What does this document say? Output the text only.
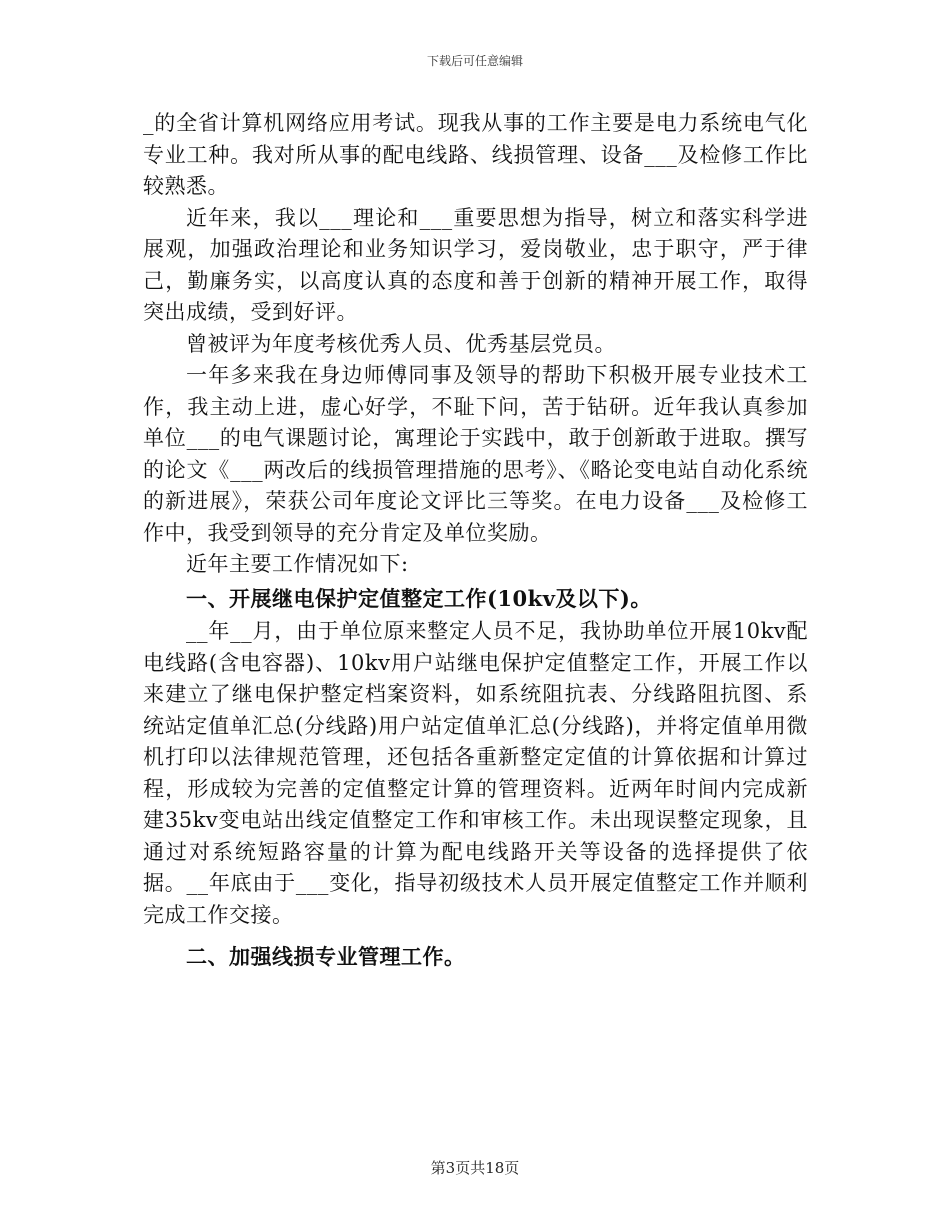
下载后可任意编辑

_的全省计算机网络应用考试。现我从事的工作主要是电力系统电气化专业工种。我对所从事的配电线路、线损管理、设备___及检修工作比较熟悉。

近年来，我以___理论和___重要思想为指导，树立和落实科学进展观，加强政治理论和业务知识学习，爱岗敬业，忠于职守，严于律己，勤廉务实，以高度认真的态度和善于创新的精神开展工作，取得突出成绩，受到好评。

曾被评为年度考核优秀人员、优秀基层党员。

一年多来我在身边师傅同事及领导的帮助下积极开展专业技术工作，我主动上进，虚心好学，不耻下问，苦于钻研。近年我认真参加单位___的电气课题讨论，寓理论于实践中，敢于创新敢于进取。撰写的论文《___两改后的线损管理措施的思考》、《略论变电站自动化系统的新进展》，荣获公司年度论文评比三等奖。在电力设备___及检修工作中，我受到领导的充分肯定及单位奖励。

近年主要工作情况如下:

一、开展继电保护定值整定工作(10kv及以下)。

__年__月，由于单位原来整定人员不足，我协助单位开展10kv配电线路(含电容器)、10kv用户站继电保护定值整定工作，开展工作以来建立了继电保护整定档案资料，如系统阻抗表、分线路阻抗图、系统站定值单汇总(分线路)用户站定值单汇总(分线路)，并将定值单用微机打印以法律规范管理，还包括各重新整定定值的计算依据和计算过程，形成较为完善的定值整定计算的管理资料。近两年时间内完成新建35kv变电站出线定值整定工作和审核工作。未出现误整定现象，且通过对系统短路容量的计算为配电线路开关等设备的选择提供了依据。__年底由于___变化，指导初级技术人员开展定值整定工作并顺利完成工作交接。

二、加强线损专业管理工作。

第3页共18页
